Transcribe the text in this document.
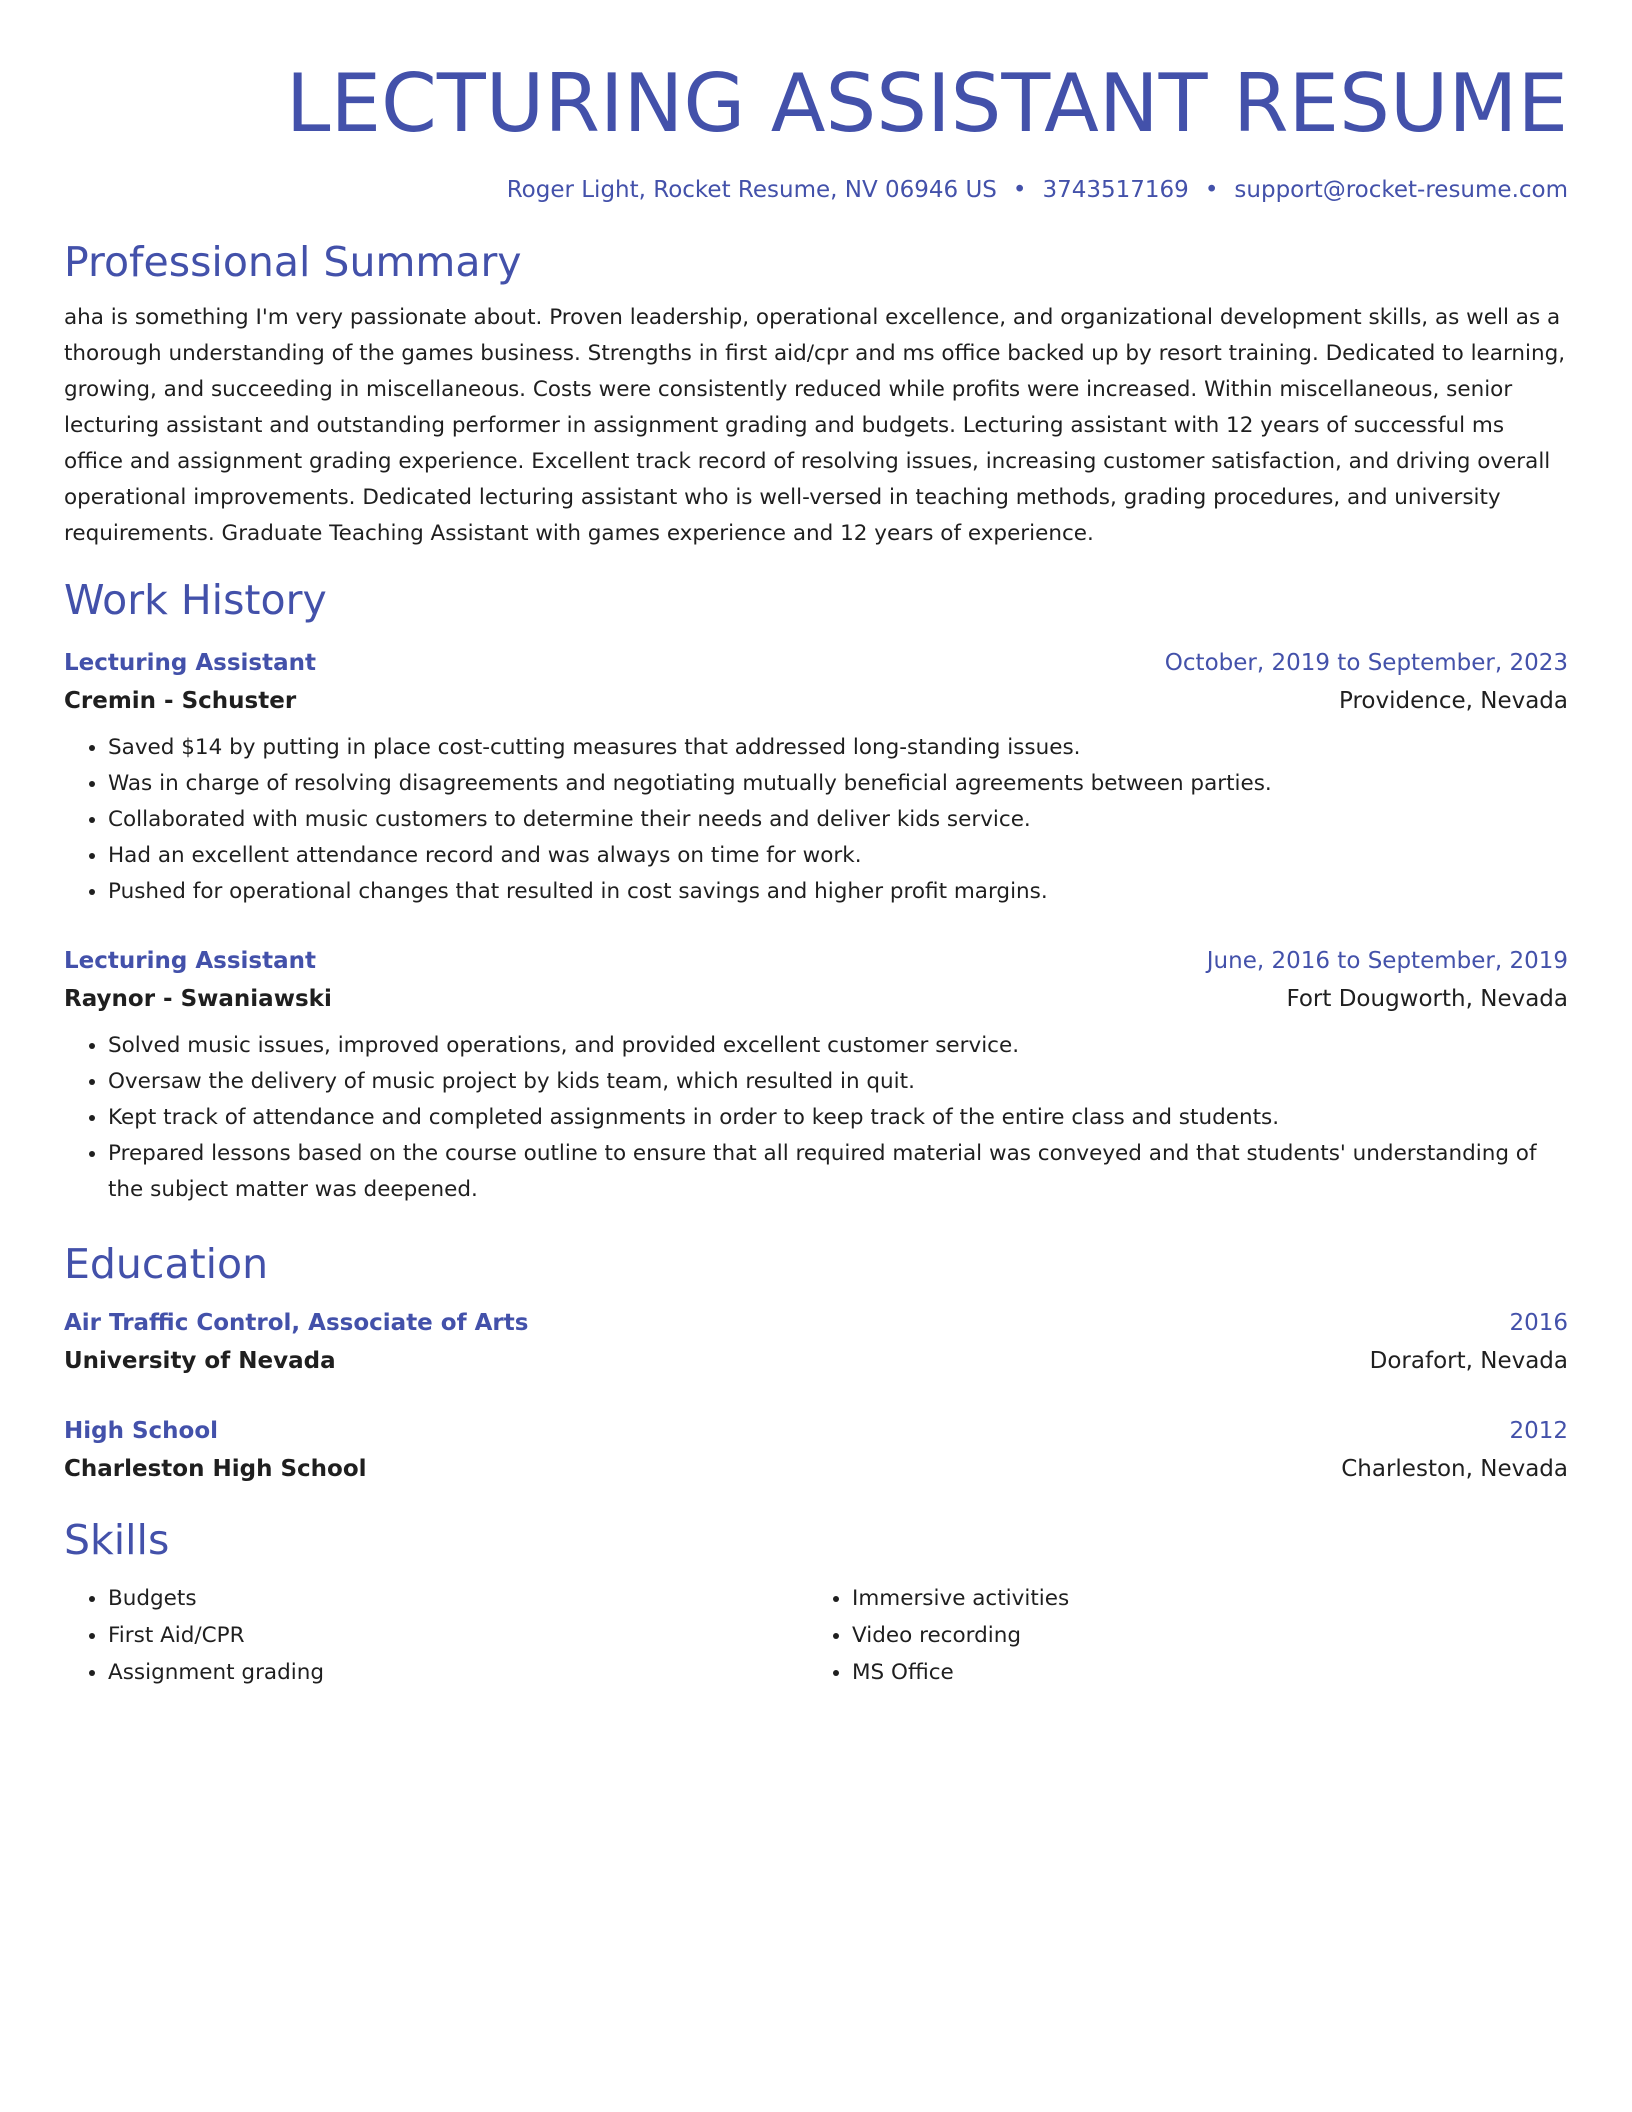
LECTURING ASSISTANT RESUME
Roger Light, Rocket Resume, NV 06946 US • 3743517169 • support@rocket-resume.com
Professional Summary
aha is something I'm very passionate about. Proven leadership, operational excellence, and organizational development skills, as well as a thorough understanding of the games business. Strengths in first aid/cpr and ms office backed up by resort training. Dedicated to learning, growing, and succeeding in miscellaneous. Costs were consistently reduced while profits were increased. Within miscellaneous, senior lecturing assistant and outstanding performer in assignment grading and budgets. Lecturing assistant with 12 years of successful ms office and assignment grading experience. Excellent track record of resolving issues, increasing customer satisfaction, and driving overall operational improvements. Dedicated lecturing assistant who is well-versed in teaching methods, grading procedures, and university requirements. Graduate Teaching Assistant with games experience and 12 years of experience.
Work History
Lecturing Assistant	October, 2019 to September, 2023
Cremin - Schuster	Providence, Nevada
• Saved $14 by putting in place cost-cutting measures that addressed long-standing issues.
• Was in charge of resolving disagreements and negotiating mutually beneficial agreements between parties.
• Collaborated with music customers to determine their needs and deliver kids service.
• Had an excellent attendance record and was always on time for work.
• Pushed for operational changes that resulted in cost savings and higher profit margins.
Lecturing Assistant	June, 2016 to September, 2019
Raynor - Swaniawski	Fort Dougworth, Nevada
• Solved music issues, improved operations, and provided excellent customer service.
• Oversaw the delivery of music project by kids team, which resulted in quit.
• Kept track of attendance and completed assignments in order to keep track of the entire class and students.
• Prepared lessons based on the course outline to ensure that all required material was conveyed and that students' understanding of the subject matter was deepened.
Education
Air Traffic Control, Associate of Arts	2016
University of Nevada	Dorafort, Nevada
High School	2012
Charleston High School	Charleston, Nevada
Skills
• Budgets
• First Aid/CPR
• Assignment grading
• Immersive activities
• Video recording
• MS Office
